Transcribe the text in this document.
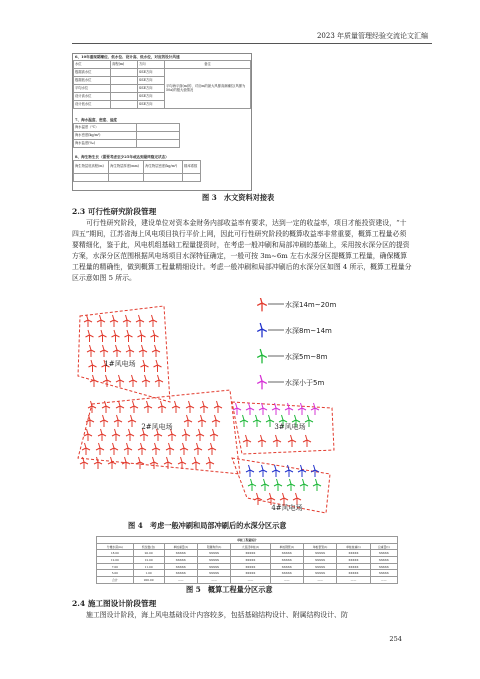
2023 年质量管理经验交流论文汇编
6、10年重现期潮位、低水位、设计高、低水位，对应的设计风速
水位	高程(m)	方向	备注
极端高水位		SSE方向	平均海平面(m)的、对应m的最大风暴高潮潮位(风暴为50a)的极大值情况
极端低水位		SSE方向	
平均水位		SSE方向	
设计高水位		SSE方向	
设计低水位		SSE方向	
7、海水温度、密度、盐度
海水温度（℃）	
海水密度(kg/m³)	
海水盐度(‰)	
8、海生物生长（需要考虑至少25年或达到最终稳定状态）
海生物层底高程(m)	海生物层厚度(mm)	海生物层密度(kg/m³)	糙率系数

图 3　水文资料对接表
2.3 可行性研究阶段管理
可行性研究阶段，建设单位对资本金财务内部收益率有要求，达到一定的收益率，项目才能投资建设，“十四五”期间，江苏省海上风电项目执行平价上网，因此可行性研究阶段的概算收益率非常重要，概算工程量必须要精细化，鉴于此，风电机组基础工程量提资时，在考虑一般冲刷和局部冲刷的基础上，采用按水深分区的提资方案，水深分区范围根据风电场项目水深特征确定，一般可按 3m~6m 左右水深分区提概算工程量，确保概算工程量的精确性，做到概算工程量精细设计。考虑一般冲刷和局部冲刷后的水深分区如图 4 所示，概算工程量分区示意如图 5 所示。
1#风电场
2#风电场	3#风电场
4#风电场
水深14m~20m
水深8m~14m
水深5m~8m
水深小于5m
图 4　考虑一般冲刷和局部冲刷后的水深分区示意
单桩工程量统计								
分摊水深(m)	机位数(台)	单桩重量(t)	附属构件(t)	大直径单桩(t)	单桩钢管(t)	单桩套笼(t)	单桩桩重(t)	总重量(t)
18.00	20.00	XXXXX	XXXXX	XXXXX	XXXXX	XXXXX	XXXXX	XXXXX
12.00	12.00	XXXXX	XXXXX	XXXXX	XXXXX	XXXXX	XXXXX	XXXXX
7.00	11.00	XXXXX	XXXXX	XXXXX	XXXXX	XXXXX	XXXXX	XXXXX
5.00	1.00	XXXXX	XXXXX	XXXXX	XXXXX	XXXXX	XXXXX	XXXXX
合计	200.00	——	——	——	——	——	——	——
图 5　概算工程量分区示意
2.4 施工图设计阶段管理
施工图设计阶段，海上风电基础设计内容较多，包括基础结构设计、附属结构设计、防
254
